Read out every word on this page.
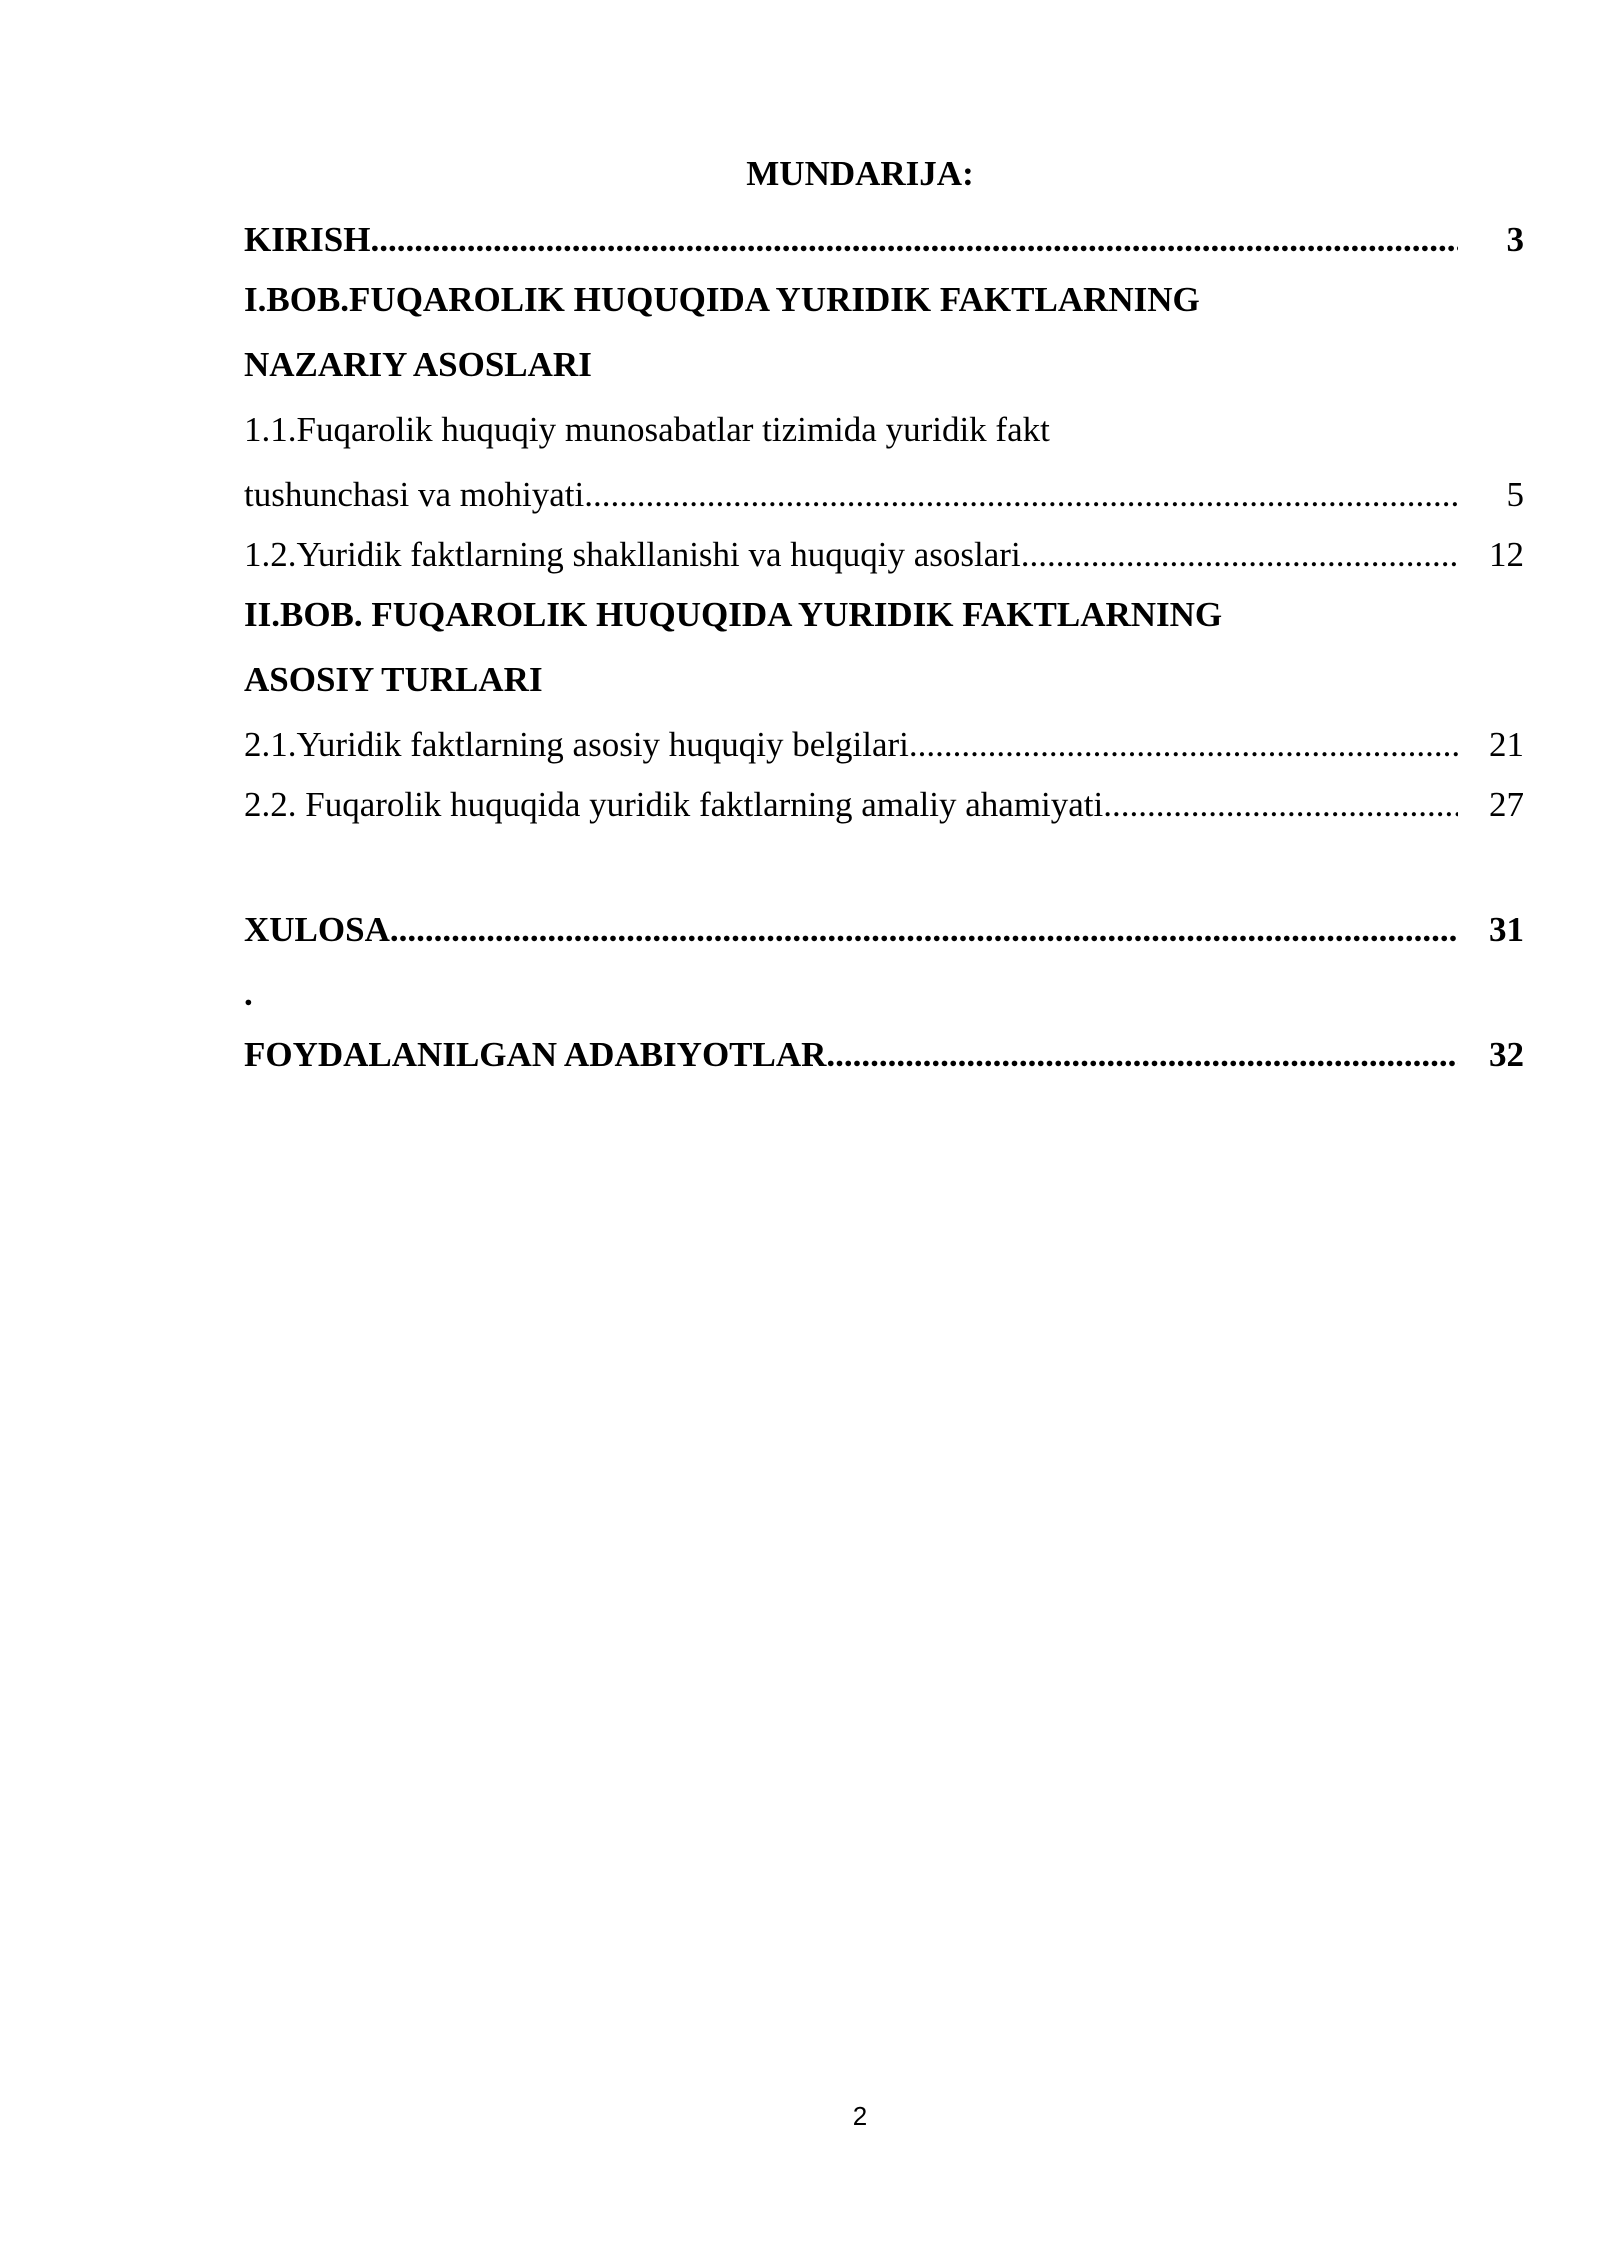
MUNDARIJA:
KIRISH .....	3
I.BOB.FUQAROLIK HUQUQIDA YURIDIK FAKTLARNING
NAZARIY ASOSLARI
1.1.Fuqarolik huquqiy munosabatlar tizimida yuridik fakt
tushunchasi va mohiyati .....	5
1.2.Yuridik faktlarning shakllanishi va huquqiy asoslari .....	12
II.BOB. FUQAROLIK HUQUQIDA YURIDIK FAKTLARNING
ASOSIY TURLARI
2.1.Yuridik faktlarning asosiy huquqiy belgilari .....	21
2.2. Fuqarolik huquqida yuridik faktlarning amaliy ahamiyati .....	27
XULOSA .....	31
.
FOYDALANILGAN ADABIYOTLAR .....	32
2
